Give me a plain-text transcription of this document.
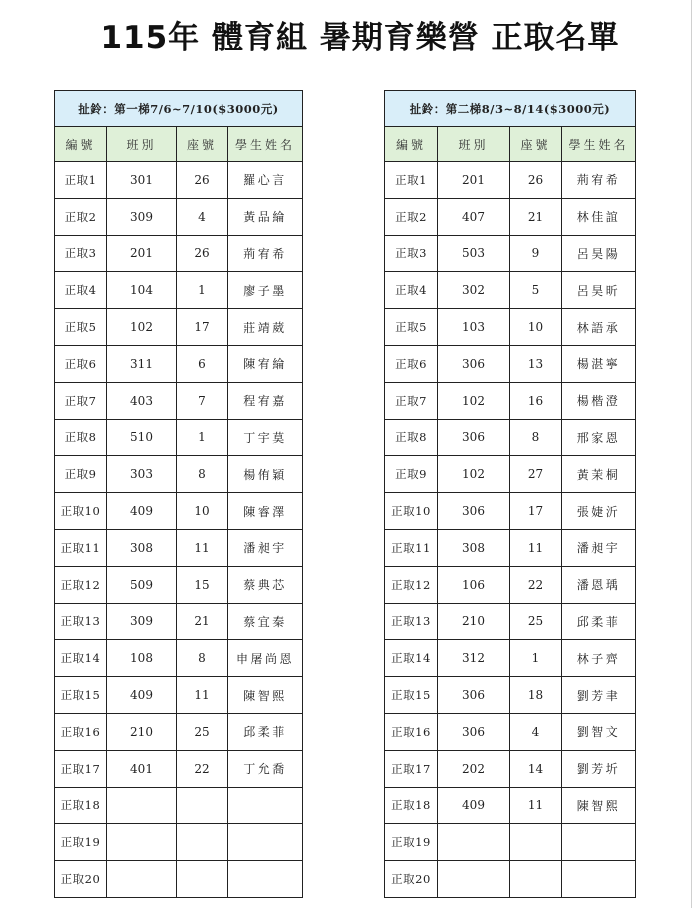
115年 體育組 暑期育樂營 正取名單
扯鈴：第一梯7/6~7/10($3000元)			
編號	班別	座號	學生姓名
正取1	301	26	羅心言
正取2	309	4	黃品綸
正取3	201	26	荊宥希
正取4	104	1	廖子墨
正取5	102	17	莊靖葳
正取6	311	6	陳宥綸
正取7	403	7	程宥嘉
正取8	510	1	丁宇莫
正取9	303	8	楊侑穎
正取10	409	10	陳睿澤
正取11	308	11	潘昶宇
正取12	509	15	蔡典芯
正取13	309	21	蔡宜秦
正取14	108	8	申屠尚恩
正取15	409	11	陳智熙
正取16	210	25	邱柔菲
正取17	401	22	丁允喬
正取18			
正取19			
正取20			
扯鈴：第二梯8/3~8/14($3000元)			
編號	班別	座號	學生姓名
正取1	201	26	荊宥希
正取2	407	21	林佳誼
正取3	503	9	呂昊陽
正取4	302	5	呂昊昕
正取5	103	10	林語承
正取6	306	13	楊湛寧
正取7	102	16	楊楷澄
正取8	306	8	邢家恩
正取9	102	27	黃茉桐
正取10	306	17	張婕沂
正取11	308	11	潘昶宇
正取12	106	22	潘恩瑀
正取13	210	25	邱柔菲
正取14	312	1	林子齊
正取15	306	18	劉芳聿
正取16	306	4	劉智文
正取17	202	14	劉芳圻
正取18	409	11	陳智熙
正取19			
正取20			
